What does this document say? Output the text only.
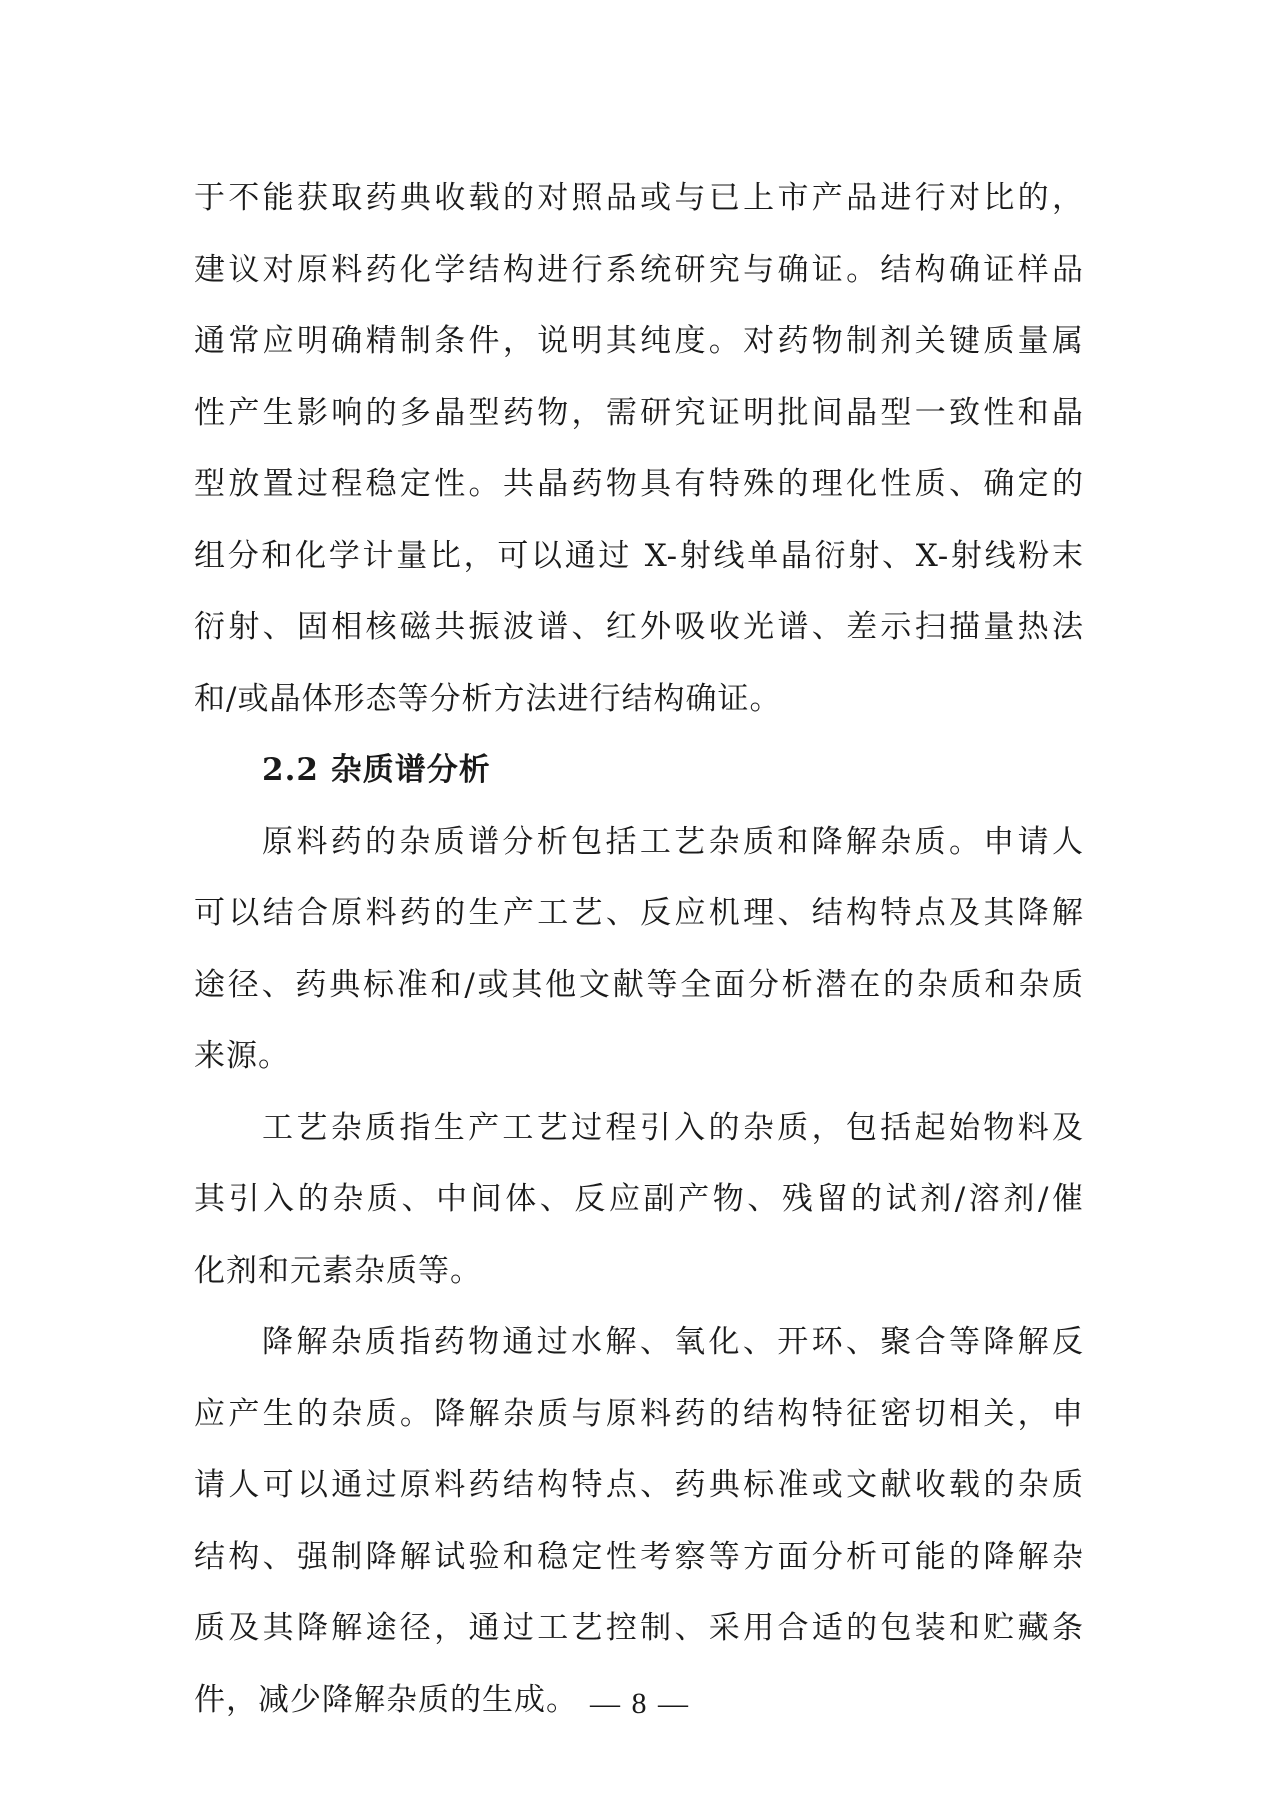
于不能获取药典收载的对照品或与已上市产品进行对比的，
建议对原料药化学结构进行系统研究与确证。结构确证样品
通常应明确精制条件，说明其纯度。对药物制剂关键质量属
性产生影响的多晶型药物，需研究证明批间晶型一致性和晶
型放置过程稳定性。共晶药物具有特殊的理化性质、确定的
组分和化学计量比，可以通过 X-射线单晶衍射、X-射线粉末
衍射、固相核磁共振波谱、红外吸收光谱、差示扫描量热法
和/或晶体形态等分析方法进行结构确证。
2.2 杂质谱分析
原料药的杂质谱分析包括工艺杂质和降解杂质。申请人
可以结合原料药的生产工艺、反应机理、结构特点及其降解
途径、药典标准和/或其他文献等全面分析潜在的杂质和杂质
来源。
工艺杂质指生产工艺过程引入的杂质，包括起始物料及
其引入的杂质、中间体、反应副产物、残留的试剂/溶剂/催
化剂和元素杂质等。
降解杂质指药物通过水解、氧化、开环、聚合等降解反
应产生的杂质。降解杂质与原料药的结构特征密切相关，申
请人可以通过原料药结构特点、药典标准或文献收载的杂质
结构、强制降解试验和稳定性考察等方面分析可能的降解杂
质及其降解途径，通过工艺控制、采用合适的包装和贮藏条
件，减少降解杂质的生成。 — 8 —
